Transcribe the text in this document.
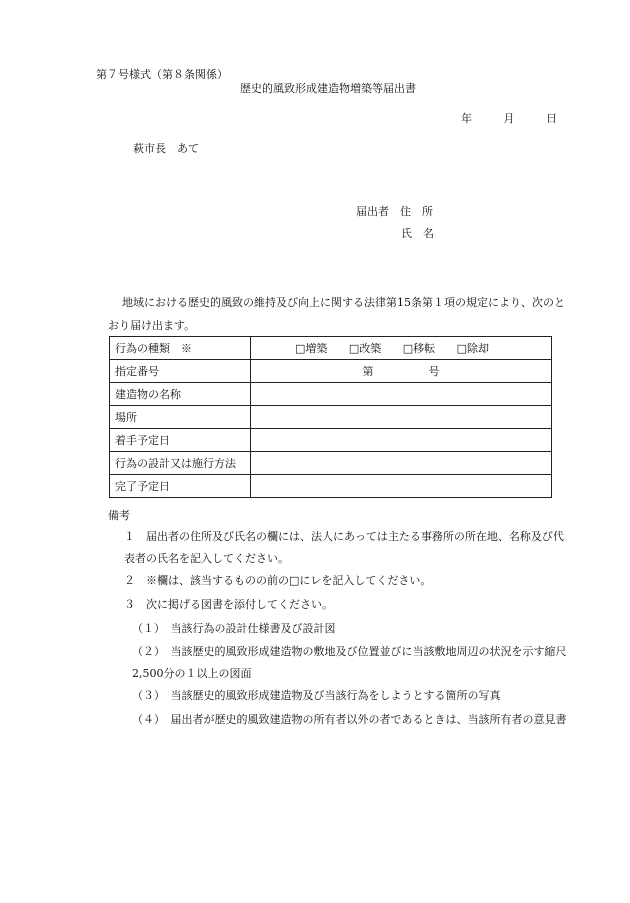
第７号様式（第８条関係）
歴史的風致形成建造物増築等届出書
年	月	日
萩市長　あて
届出者　住　所
氏　名
地域における歴史的風致の維持及び向上に関する法律第15条第１項の規定により、次のとおり届け出ます。
行為の種類　※	□増築 □改築 □移転 □除却
指定番号	第　　　　　号
建造物の名称	
場所	
着手予定日	
行為の設計又は施行方法	
完了予定日	
備考
１　届出者の住所及び氏名の欄には、法人にあっては主たる事務所の所在地、名称及び代表者の氏名を記入してください。
２　※欄は、該当するものの前の□にレを記入してください。
３　次に掲げる図書を添付してください。
（１）　当該行為の設計仕様書及び設計図
（２）　当該歴史的風致形成建造物の敷地及び位置並びに当該敷地周辺の状況を示す縮尺2,500分の１以上の図面
（３）　当該歴史的風致形成建造物及び当該行為をしようとする箇所の写真
（４）　届出者が歴史的風致建造物の所有者以外の者であるときは、当該所有者の意見書
